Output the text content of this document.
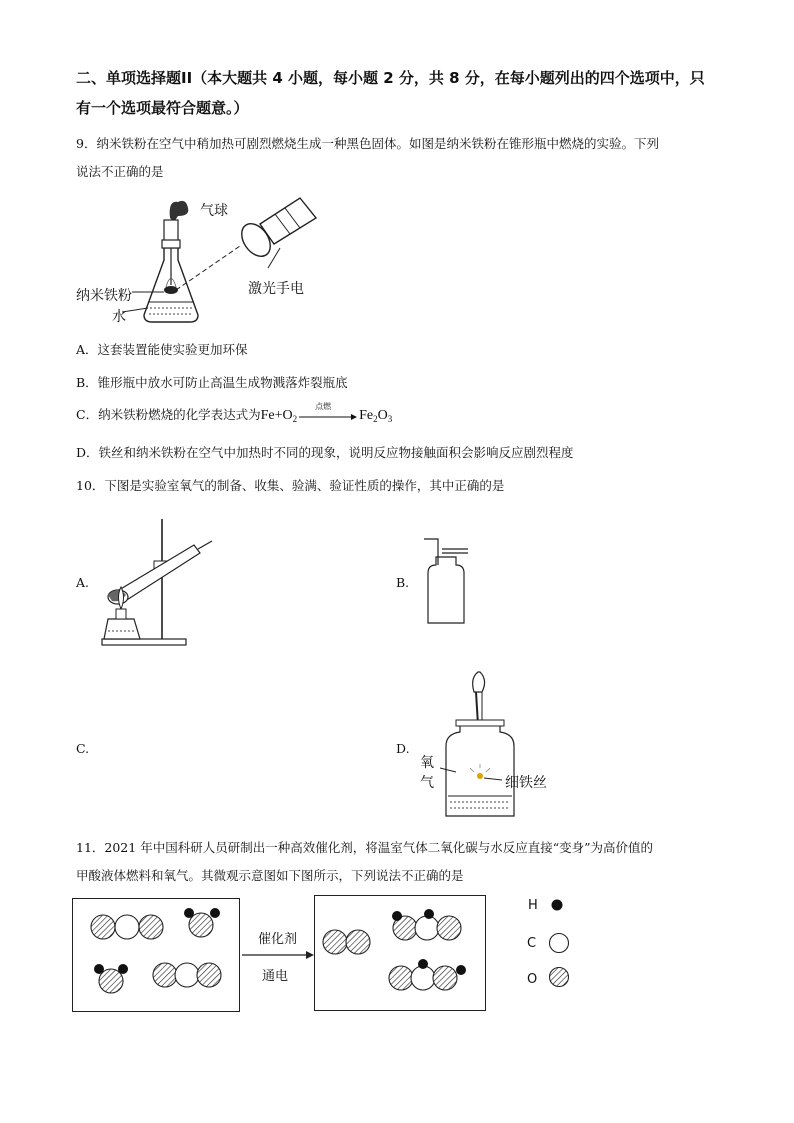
二、单项选择题II（本大题共 4 小题，每小题 2 分，共 8 分，在每小题列出的四个选项中，只
有一个选项最符合题意。）
9．纳米铁粉在空气中稍加热可剧烈燃烧生成一种黑色固体。如图是纳米铁粉在锥形瓶中燃烧的实验。下列
说法不正确的是
气球
纳米铁粉
水
激光手电
A．这套装置能使实验更加环保
B．锥形瓶中放水可防止高温生成物溅落炸裂瓶底
C．纳米铁粉燃烧的化学表达式为$Fe+O_2$
点燃
$Fe_2O_3$
D．铁丝和纳米铁粉在空气中加热时不同的现象，说明反应物接触面积会影响反应剧烈程度
10．下图是实验室氧气的制备、收集、验满、验证性质的操作，其中正确的是
A.	B.
C.	D.
氧
气	细铁丝
11．2021 年中国科研人员研制出一种高效催化剂，将温室气体二氧化碳与水反应直接“变身”为高价值的
甲酸液体燃料和氧气。其微观示意图如下图所示，下列说法不正确的是
催化剂
通电
H
C
O
